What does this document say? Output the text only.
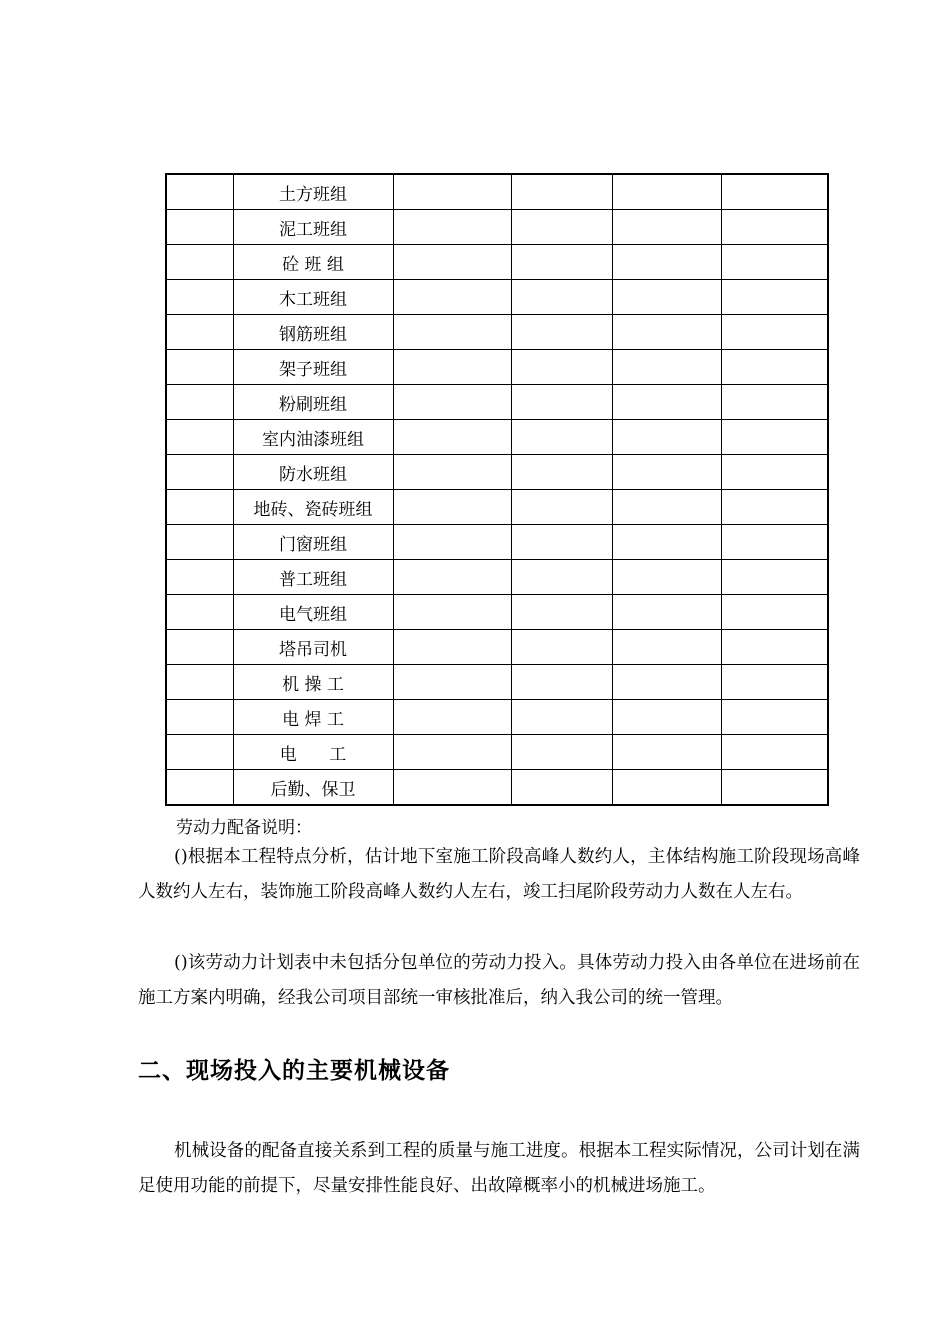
	土方班组				
	泥工班组				
	砼 班 组				
	木工班组				
	钢筋班组				
	架子班组				
	粉刷班组				
	室内油漆班组				
	防水班组				
	地砖、瓷砖班组				
	门窗班组				
	普工班组				
	电气班组				
	塔吊司机				
	机 操 工				
	电 焊 工				
	电      工				
	后勤、保卫				
劳动力配备说明：
()根据本工程特点分析，估计地下室施工阶段高峰人数约人，主体结构施工阶段现场高峰人数约人左右，装饰施工阶段高峰人数约人左右，竣工扫尾阶段劳动力人数在人左右。
()该劳动力计划表中未包括分包单位的劳动力投入。具体劳动力投入由各单位在进场前在施工方案内明确，经我公司项目部统一审核批准后，纳入我公司的统一管理。
二、现场投入的主要机械设备
机械设备的配备直接关系到工程的质量与施工进度。根据本工程实际情况，公司计划在满足使用功能的前提下，尽量安排性能良好、出故障概率小的机械进场施工。
